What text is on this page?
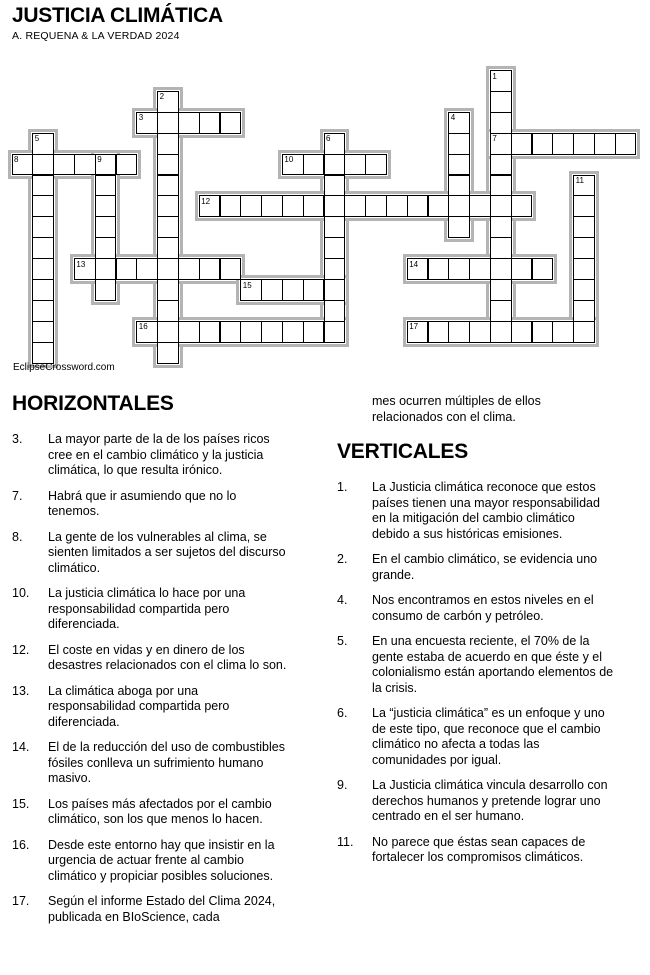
JUSTICIA CLIMÁTICA
A. REQUENA & LA VERDAD 2024
1
2
3	4
5	6	7
8	9	10
11
12
13	14
15
16	17
EclipseCrossword.com
HORIZONTALES
3.	La mayor parte de la de los países ricos cree en el cambio climático y la justicia climática, lo que resulta irónico.
7.	Habrá que ir asumiendo que no lo tenemos.
8.	La gente de los vulnerables al clima, se sienten limitados a ser sujetos del discurso climático.
10.	La justicia climática lo hace por una responsabilidad compartida pero diferenciada.
12.	El coste en vidas y en dinero de los desastres relacionados con el clima lo son.
13.	La climática aboga por una responsabilidad compartida pero diferenciada.
14.	El de la reducción del uso de combustibles fósiles conlleva un sufrimiento humano masivo.
15.	Los países más afectados por el cambio climático, son los que menos lo hacen.
16.	Desde este entorno hay que insistir en la urgencia de actuar frente al cambio climático y propiciar posibles soluciones.
17.	Según el informe Estado del Clima 2024, publicada en BIoScience, cada
mes ocurren múltiples de ellos relacionados con el clima.
VERTICALES
1.	La Justicia climática reconoce que estos países tienen una mayor responsabilidad en la mitigación del cambio climático debido a sus históricas emisiones.
2.	En el cambio climático, se evidencia uno grande.
4.	Nos encontramos en estos niveles en el consumo de carbón y petróleo.
5.	En una encuesta reciente, el 70% de la gente estaba de acuerdo en que éste y el colonialismo están aportando elementos de la crisis.
6.	La “justicia climática” es un enfoque y uno de este tipo, que reconoce que el cambio climático no afecta a todas las comunidades por igual.
9.	La Justicia climática vincula desarrollo con derechos humanos y pretende lograr uno centrado en el ser humano.
11.	No parece que éstas sean capaces de fortalecer los compromisos climáticos.
